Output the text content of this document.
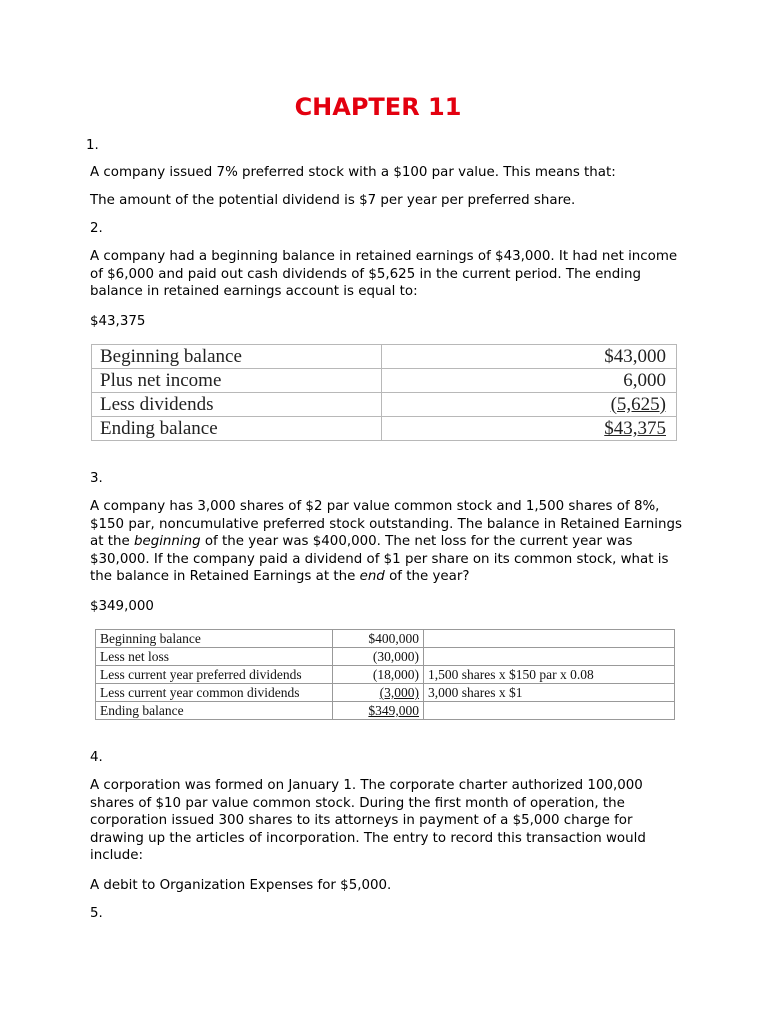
CHAPTER 11

1.

A company issued 7% preferred stock with a $100 par value. This means that:

The amount of the potential dividend is $7 per year per preferred share.

2.

A company had a beginning balance in retained earnings of $43,000. It had net income of $6,000 and paid out cash dividends of $5,625 in the current period. The ending balance in retained earnings account is equal to:

$43,375

Beginning balance	$43,000
Plus net income	6,000
Less dividends	(5,625)
Ending balance	$43,375

3.

A company has 3,000 shares of $2 par value common stock and 1,500 shares of 8%, $150 par, noncumulative preferred stock outstanding. The balance in Retained Earnings at the beginning of the year was $400,000. The net loss for the current year was $30,000. If the company paid a dividend of $1 per share on its common stock, what is the balance in Retained Earnings at the end of the year?

$349,000

Beginning balance	$400,000	
Less net loss	(30,000)	
Less current year preferred dividends	(18,000)	1,500 shares x $150 par x 0.08
Less current year common dividends	(3,000)	3,000 shares x $1
Ending balance	$349,000	

4.

A corporation was formed on January 1. The corporate charter authorized 100,000 shares of $10 par value common stock. During the first month of operation, the corporation issued 300 shares to its attorneys in payment of a $5,000 charge for drawing up the articles of incorporation. The entry to record this transaction would include:

A debit to Organization Expenses for $5,000.

5.
